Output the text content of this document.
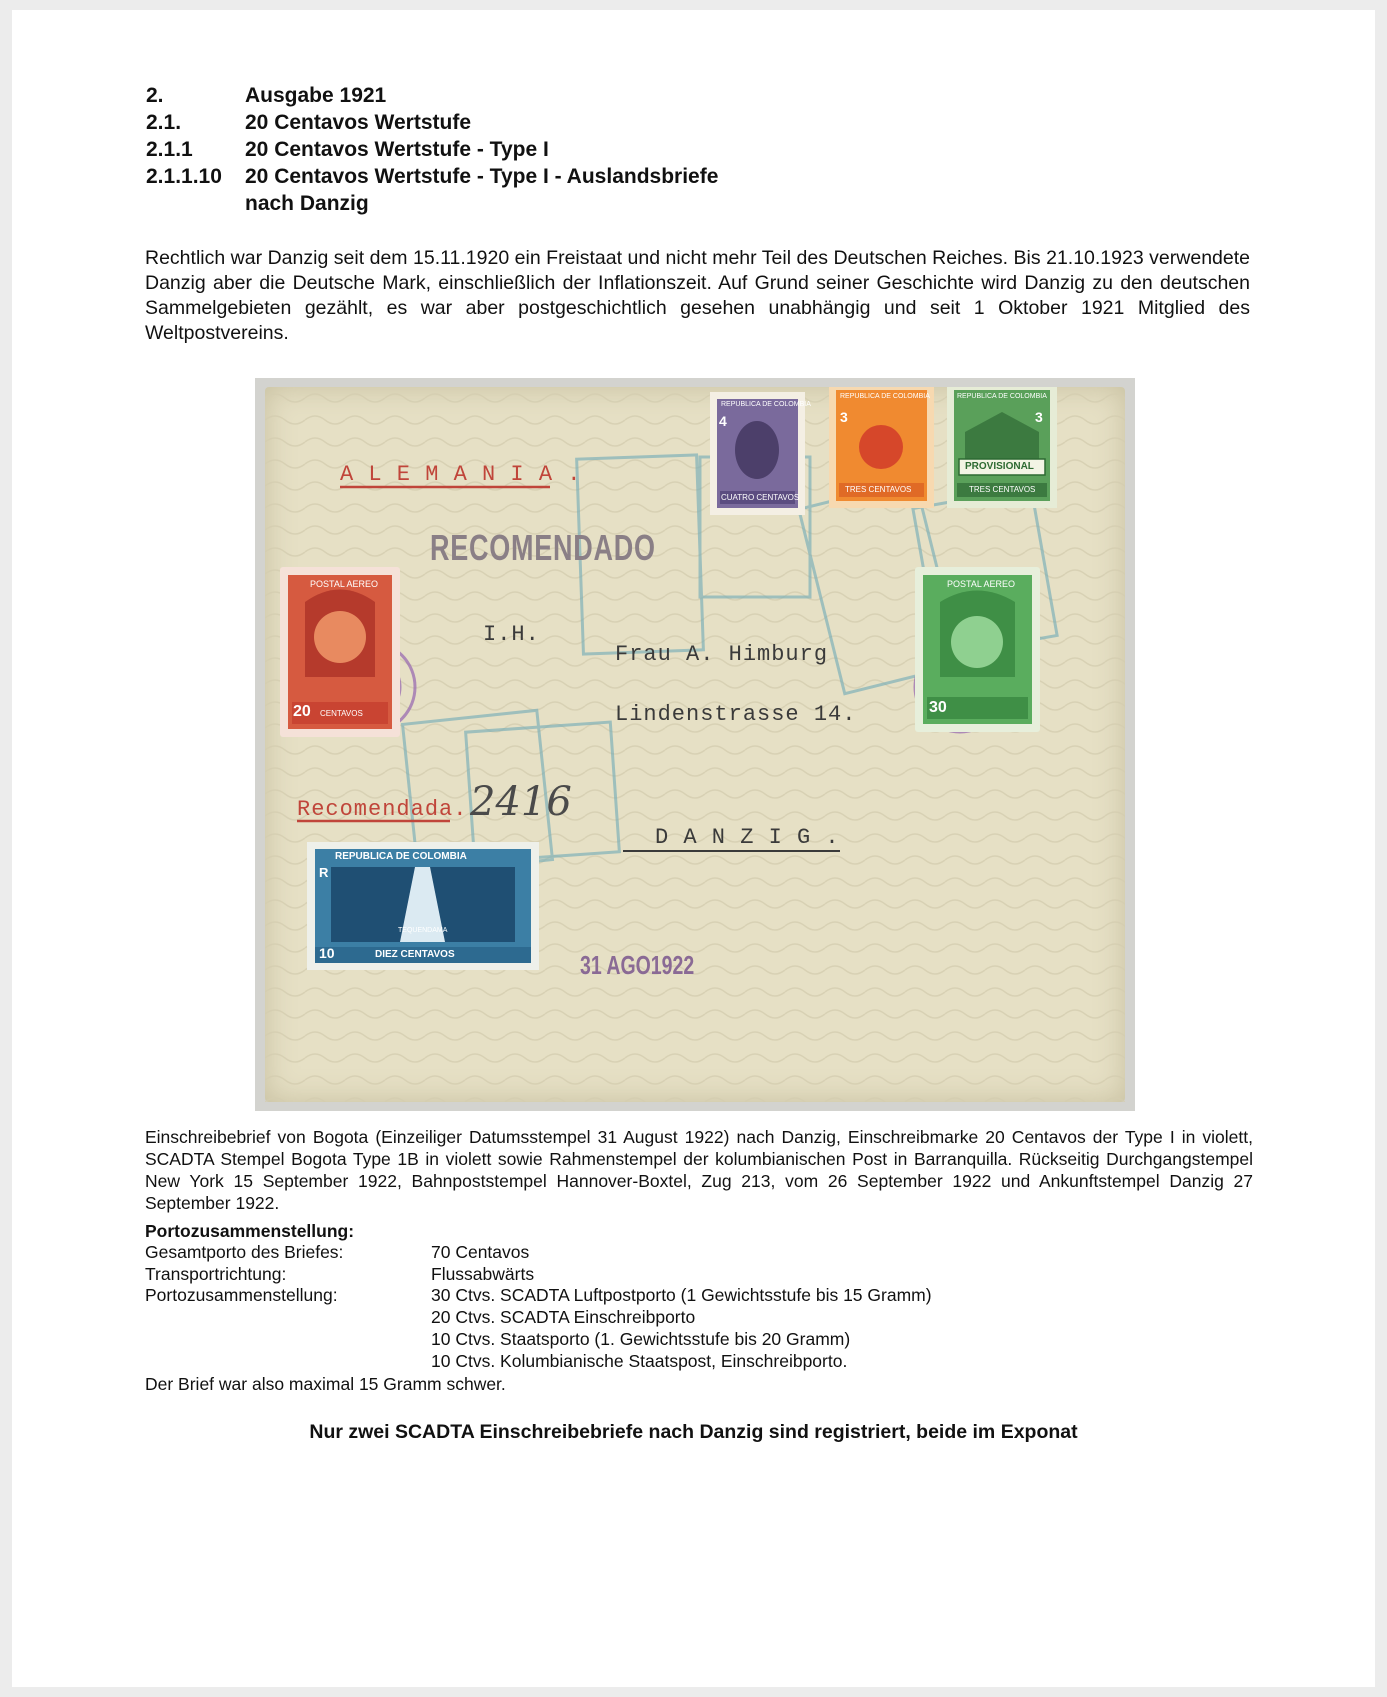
2.	Ausgabe 1921
2.1.	20 Centavos Wertstufe
2.1.1	20 Centavos Wertstufe - Type I
2.1.1.10	20 Centavos Wertstufe - Type I - Auslandsbriefe
nach Danzig
Rechtlich war Danzig seit dem 15.11.1920 ein Freistaat und nicht mehr Teil des Deutschen Reiches. Bis 21.10.1923 verwendete Danzig aber die Deutsche Mark, einschließlich der Inflationszeit. Auf Grund seiner Geschichte wird Danzig zu den deutschen Sammelgebieten gezählt, es war aber postgeschichtlich gesehen unabhängig und seit 1 Oktober 1921 Mitglied des Weltpostvereins.
A L E M A N I A .
RECOMENDADO
I.H.
Frau A. Himburg
Lindenstrasse 14.
Recomendada. 2416
D A N Z I G .
31 AGO1922
4
CUATRO CENTAVOS
REPUBLICA DE COLOMBIA
REPUBLICA DE COLOMBIA
3
TRES CENTAVOS
REPUBLICA DE COLOMBIA
3
PROVISIONAL
TRES CENTAVOS
POSTAL AEREO
20 CENTAVOS
POSTAL AEREO
30
REPUBLICA DE COLOMBIA
R
TEQUENDAMA
DIEZ CENTAVOS
10
Einschreibebrief von Bogota (Einzeiliger Datumsstempel 31 August 1922) nach Danzig, Einschreibmarke 20 Centavos der Type I in violett, SCADTA Stempel Bogota Type 1B in violett sowie Rahmenstempel der kolumbianischen Post in Barranquilla. Rückseitig Durchgangstempel New York 15 September 1922, Bahnpoststempel Hannover-Boxtel, Zug 213, vom 26 September 1922 und Ankunftstempel Danzig 27 September 1922.
Portozusammenstellung:
Gesamtporto des Briefes:	70 Centavos
Transportrichtung:	Flussabwärts
Portozusammenstellung:	30 Ctvs. SCADTA Luftpostporto (1 Gewichtsstufe bis 15 Gramm)
20 Ctvs. SCADTA Einschreibporto
10 Ctvs. Staatsporto (1. Gewichtsstufe bis 20 Gramm)
10 Ctvs. Kolumbianische Staatspost, Einschreibporto.
Der Brief war also maximal 15 Gramm schwer.
Nur zwei SCADTA Einschreibebriefe nach Danzig sind registriert, beide im Exponat
